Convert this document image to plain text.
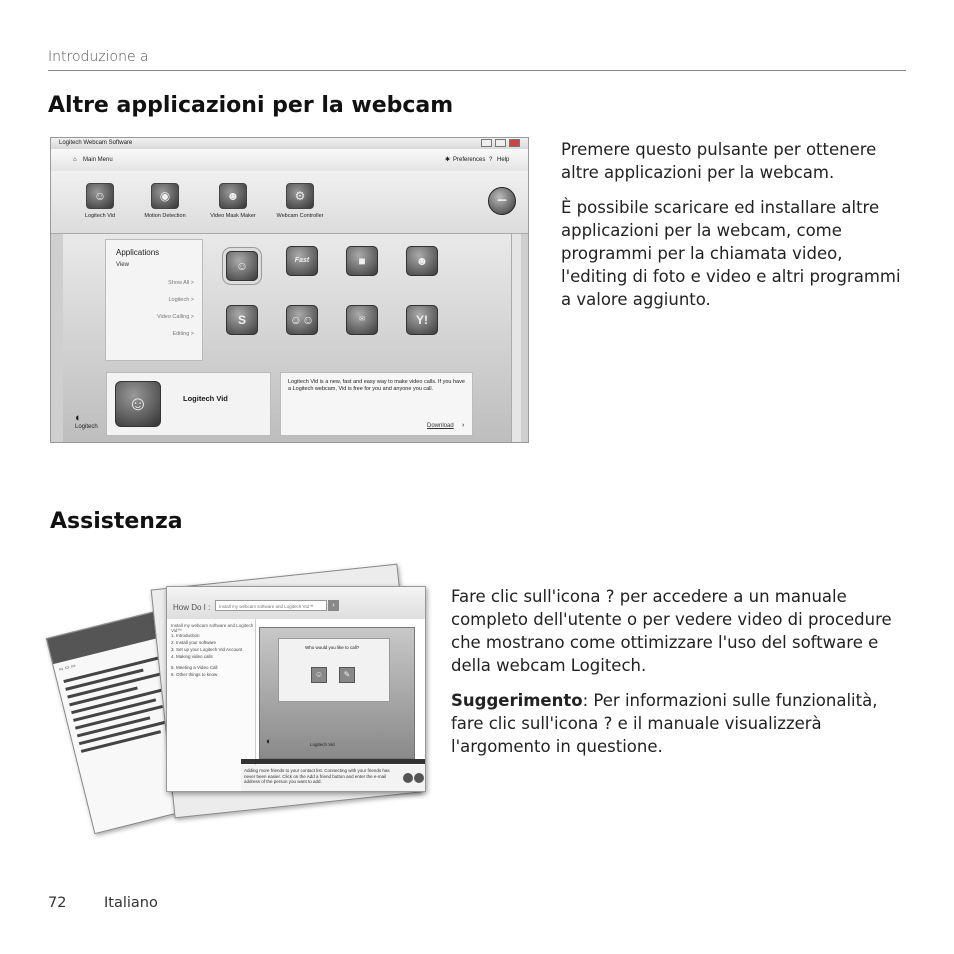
Introduzione a
Altre applicazioni per la webcam
Logitech Webcam Software
⌂ Main Menu	✱ Preferences ? Help
☺
Logitech Vid
◉
Motion Detection
☻
Video Mask Maker
⚙
Webcam Controller
−
Applications
View
Show All >
Logitech >
Video Calling >
Editing >
☺	Fast	■	☻
S	☺☺	✉	Y!
☺	Logitech Vid
Logitech Vid is a new, fast and easy way to make video calls. If you have a Logitech webcam, Vid is free for you and anyone you call.
Download ›
◐
Logitech

Premere questo pulsante per ottenere altre applicazioni per la webcam.

È possibile scaricare ed installare altre applicazioni per la webcam, come programmi per la chiamata video, l'editing di foto e video e altri programmi a valore aggiunto.

Assistenza
▭ ▭ ▭
How Do I :	Install my webcam software and Logitech Vid™	›
Install my webcam software and Logitech Vid™
1. Introduction
2. Install your software
3. Set up your Logitech Vid Account
4. Making video calls
5. Meeting a Video Call
6. Other things to know
Who would you like to call?
☺	✎
◐	Logitech Vid
Adding more friends to your contact list. Connecting with your friends has never been easier. Click on the Add a friend button and enter the e-mail address of the person you want to add.

Fare clic sull'icona ? per accedere a un manuale completo dell'utente o per vedere video di procedure che mostrano come ottimizzare l'uso del software e della webcam Logitech.

Suggerimento: Per informazioni sulle funzionalità, fare clic sull'icona ? e il manuale visualizzerà l'argomento in questione.

72	Italiano
